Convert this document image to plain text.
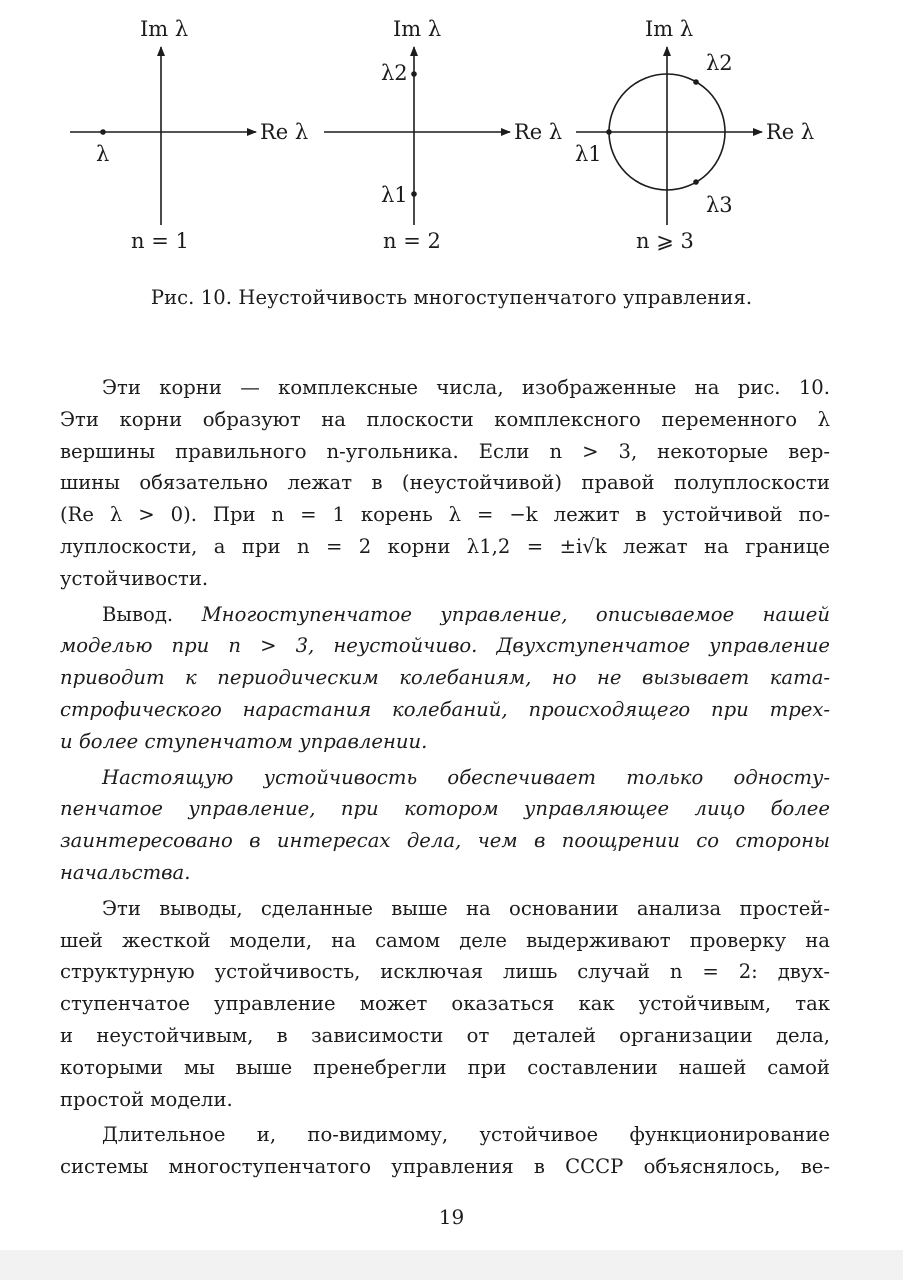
Im λ
Re λ
λ
n = 1
Im λ
Re λ
λ2
λ1
n = 2
Im λ
Re λ
λ2
λ1
λ3
n ⩾ 3
Рис. 10. Неустойчивость многоступенчатого управления.

Эти корни — комплексные числа, изображенные на рис. 10.
Эти корни образуют на плоскости комплексного переменного λ
вершины правильного n-угольника. Если n > 3, некоторые вер-
шины обязательно лежат в (неустойчивой) правой полуплоскости
(Re λ > 0). При n = 1 корень λ = −k лежит в устойчивой по-
луплоскости, а при n = 2 корни λ1,2 = ±i√k лежат на границе
устойчивости.

Вывод. Многоступенчатое управление, описываемое нашей
моделью при n > 3, неустойчиво. Двухступенчатое управление
приводит к периодическим колебаниям, но не вызывает ката-
строфического нарастания колебаний, происходящего при трех-
и более ступенчатом управлении.

Настоящую устойчивость обеспечивает только односту-
пенчатое управление, при котором управляющее лицо более
заинтересовано в интересах дела, чем в поощрении со стороны
начальства.

Эти выводы, сделанные выше на основании анализа простей-
шей жесткой модели, на самом деле выдерживают проверку на
структурную устойчивость, исключая лишь случай n = 2: двух-
ступенчатое управление может оказаться как устойчивым, так
и неустойчивым, в зависимости от деталей организации дела,
которыми мы выше пренебрегли при составлении нашей самой
простой модели.

Длительное и, по-видимому, устойчивое функционирование
системы многоступенчатого управления в СССР объяснялось, ве-

19
